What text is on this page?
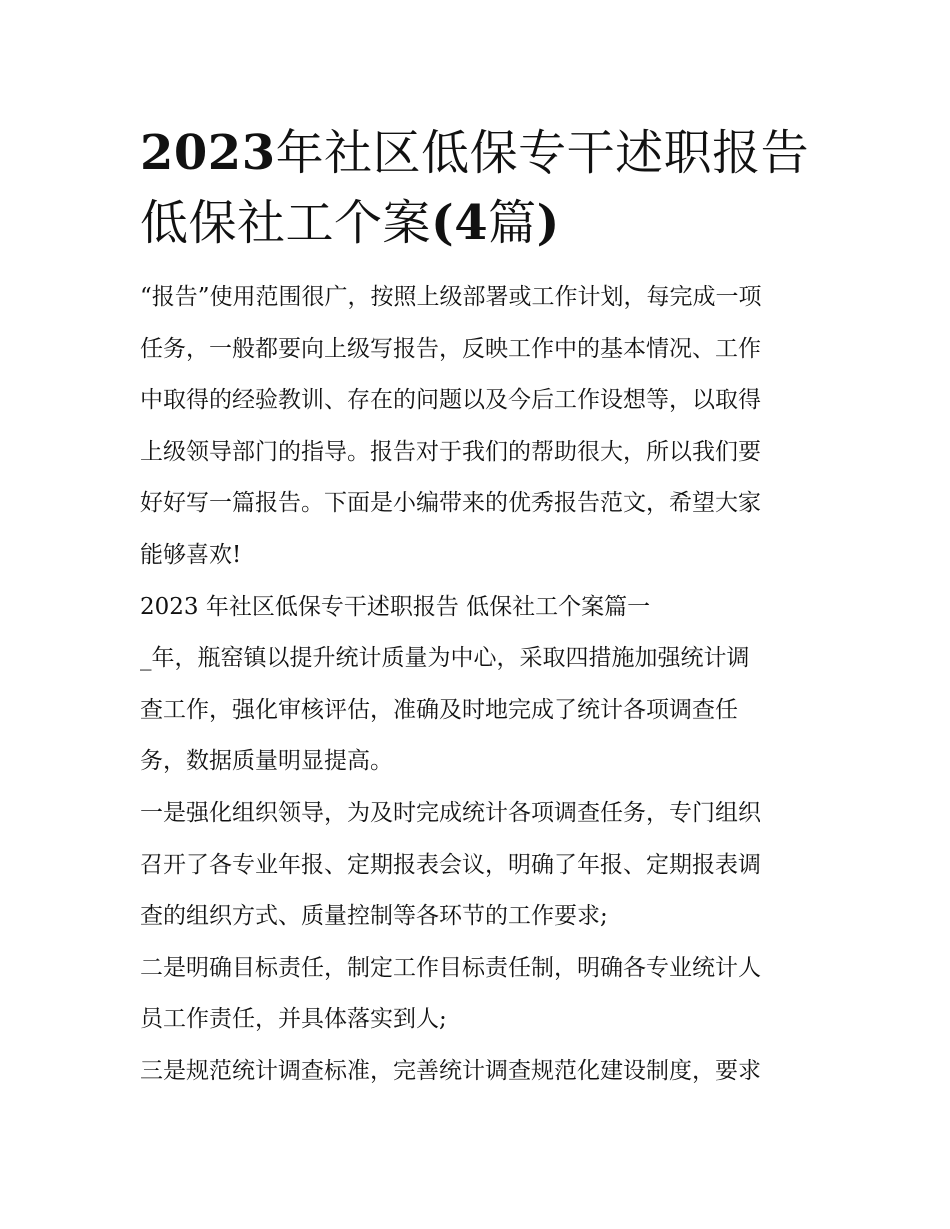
2023年社区低保专干述职报告
低保社工个案(4篇)
“报告”使用范围很广，按照上级部署或工作计划，每完成一项
任务，一般都要向上级写报告，反映工作中的基本情况、工作
中取得的经验教训、存在的问题以及今后工作设想等，以取得
上级领导部门的指导。报告对于我们的帮助很大，所以我们要
好好写一篇报告。下面是小编带来的优秀报告范文，希望大家
能够喜欢!
2023 年社区低保专干述职报告 低保社工个案篇一
_年，瓶窑镇以提升统计质量为中心，采取四措施加强统计调
查工作，强化审核评估，准确及时地完成了统计各项调查任
务，数据质量明显提高。
一是强化组织领导，为及时完成统计各项调查任务，专门组织
召开了各专业年报、定期报表会议，明确了年报、定期报表调
查的组织方式、质量控制等各环节的工作要求;
二是明确目标责任，制定工作目标责任制，明确各专业统计人
员工作责任，并具体落实到人;
三是规范统计调查标准，完善统计调查规范化建设制度，要求
